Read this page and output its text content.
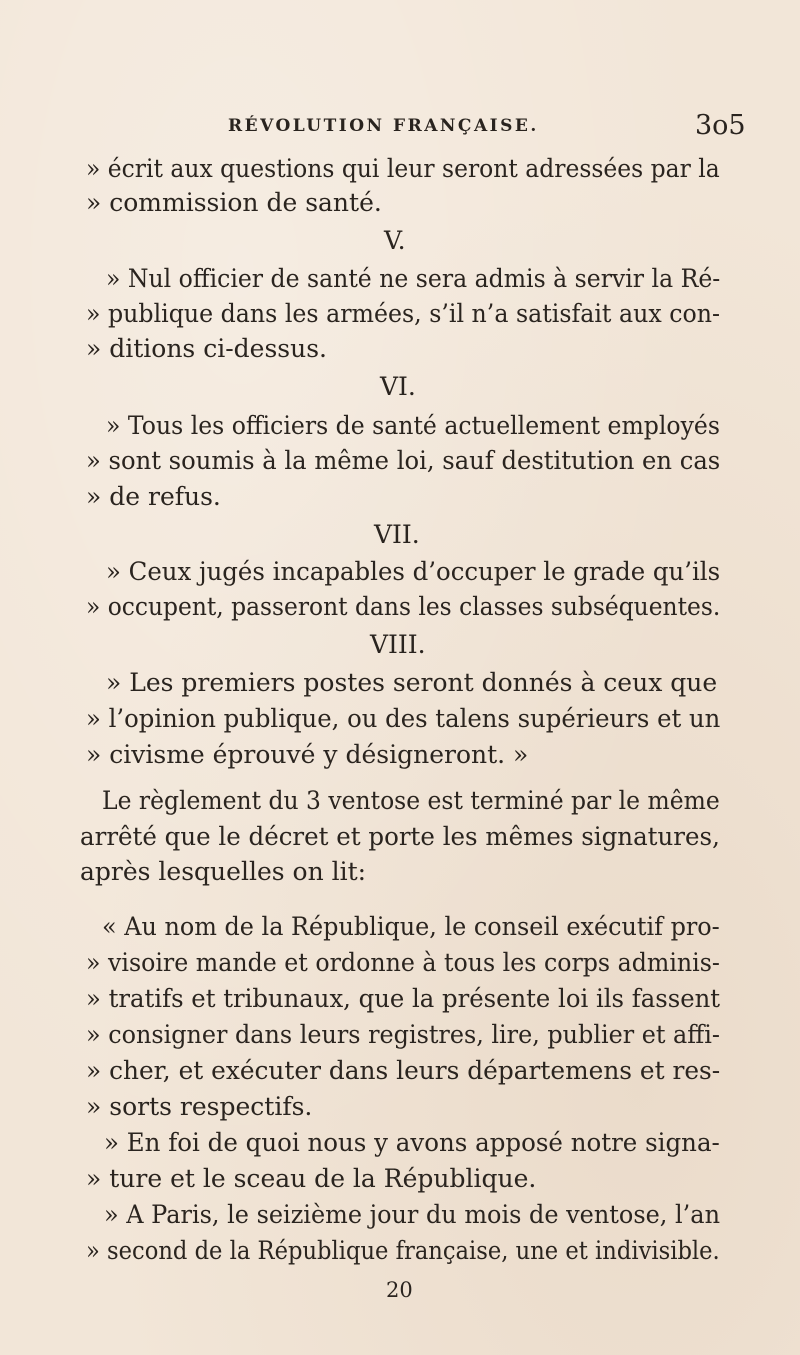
RÉVOLUTION FRANÇAISE.	3o5
» écrit aux questions qui leur seront adressées par la
» commission de santé.
V.
» Nul officier de santé ne sera admis à servir la Ré-
» publique dans les armées, s’il n’a satisfait aux con-
» ditions ci-dessus.
VI.
» Tous les officiers de santé actuellement employés
» sont soumis à la même loi, sauf destitution en cas
» de refus.
VII.
» Ceux jugés incapables d’occuper le grade qu’ils
» occupent, passeront dans les classes subséquentes.
VIII.
» Les premiers postes seront donnés à ceux que
» l’opinion publique, ou des talens supérieurs et un
» civisme éprouvé y désigneront. »
Le règlement du 3 ventose est terminé par le même
arrêté que le décret et porte les mêmes signatures,
après lesquelles on lit:
« Au nom de la République, le conseil exécutif pro-
» visoire mande et ordonne à tous les corps adminis-
» tratifs et tribunaux, que la présente loi ils fassent
» consigner dans leurs registres, lire, publier et affi-
» cher, et exécuter dans leurs départemens et res-
» sorts respectifs.
» En foi de quoi nous y avons apposé notre signa-
» ture et le sceau de la République.
» A Paris, le seizième jour du mois de ventose, l’an
» second de la République française, une et indivisible.
20
